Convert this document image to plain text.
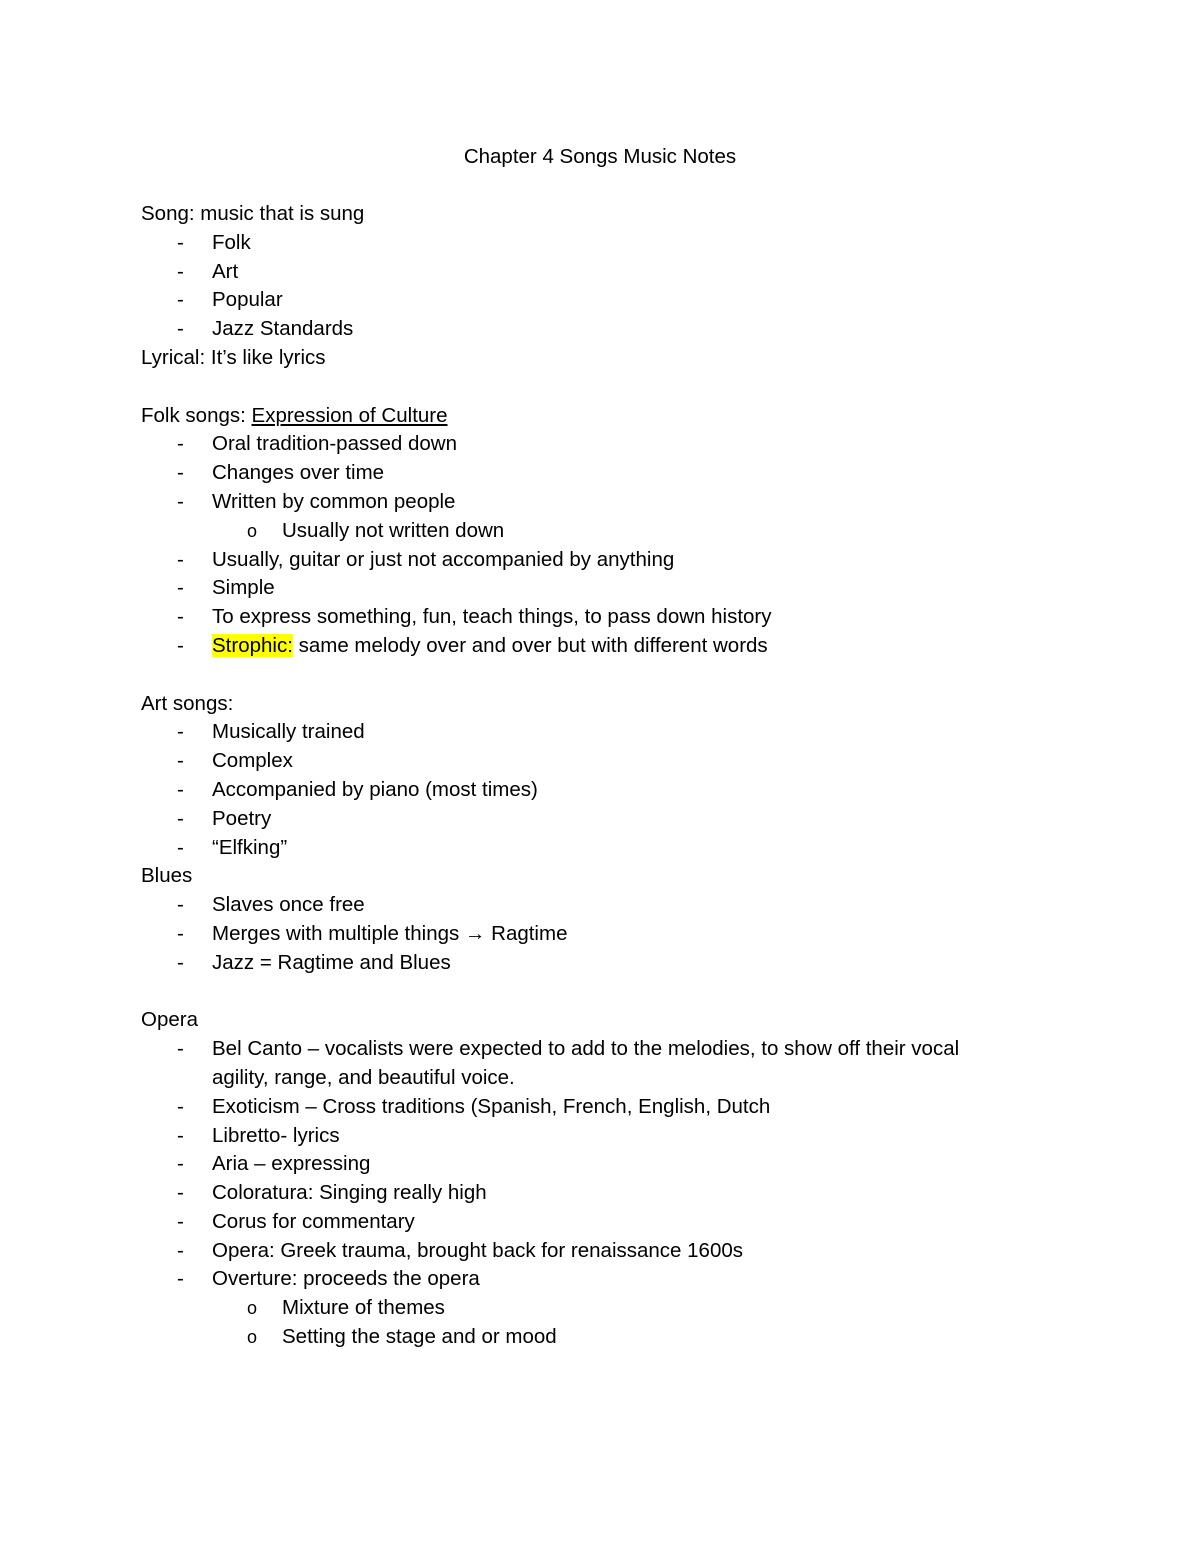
Chapter 4 Songs Music Notes
Song: music that is sung
- Folk
- Art
- Popular
- Jazz Standards
Lyrical: It’s like lyrics
Folk songs: Expression of Culture
- Oral tradition-passed down
- Changes over time
- Written by common people
o Usually not written down
- Usually, guitar or just not accompanied by anything
- Simple
- To express something, fun, teach things, to pass down history
- Strophic: same melody over and over but with different words
Art songs:
- Musically trained
- Complex
- Accompanied by piano (most times)
- Poetry
- “Elfking”
Blues
- Slaves once free
- Merges with multiple things → Ragtime
- Jazz = Ragtime and Blues
Opera
- Bel Canto – vocalists were expected to add to the melodies, to show off their vocal
agility, range, and beautiful voice.
- Exoticism – Cross traditions (Spanish, French, English, Dutch
- Libretto- lyrics
- Aria – expressing
- Coloratura: Singing really high
- Corus for commentary
- Opera: Greek trauma, brought back for renaissance 1600s
- Overture: proceeds the opera
o Mixture of themes
o Setting the stage and or mood
